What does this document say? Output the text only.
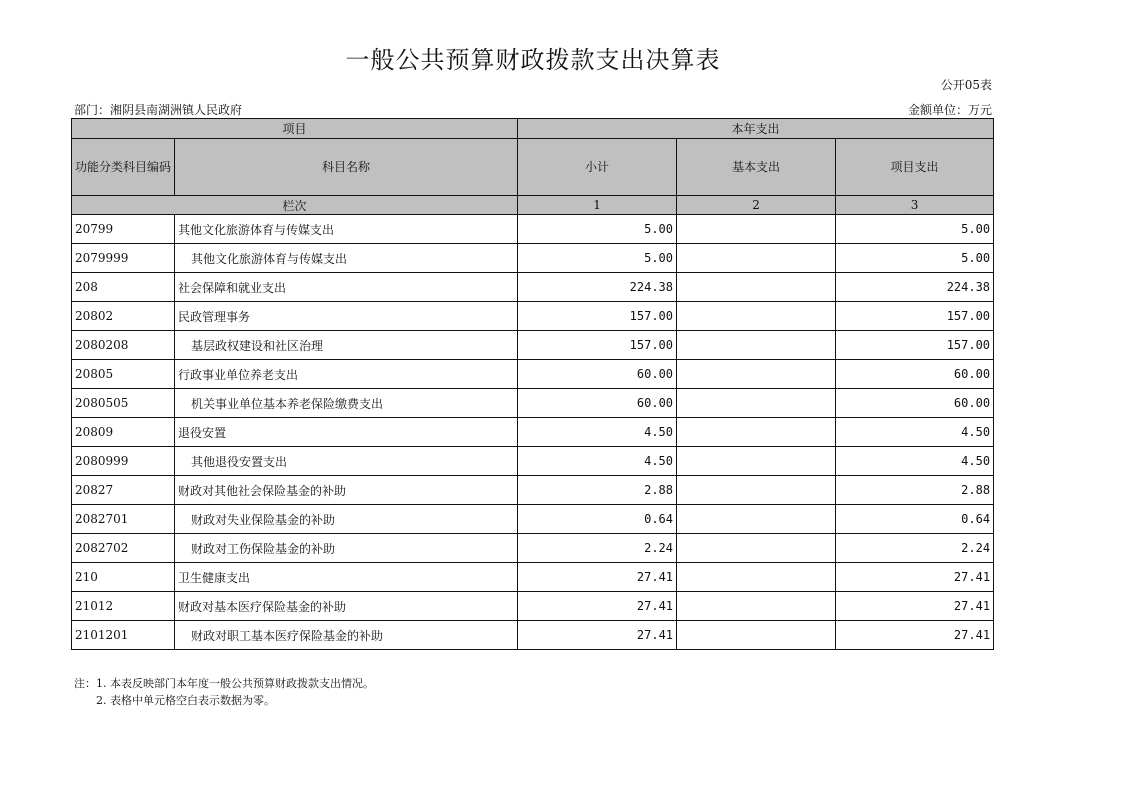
一般公共预算财政拨款支出决算表
公开05表
部门：湘阴县南湖洲镇人民政府	金额单位：万元
项目		本年支出		
功能分类科目编码	科目名称	小计	基本支出	项目支出
栏次		1	2	3
20799	其他文化旅游体育与传媒支出	5.00		5.00
2079999	其他文化旅游体育与传媒支出	5.00		5.00
208	社会保障和就业支出	224.38		224.38
20802	民政管理事务	157.00		157.00
2080208	基层政权建设和社区治理	157.00		157.00
20805	行政事业单位养老支出	60.00		60.00
2080505	机关事业单位基本养老保险缴费支出	60.00		60.00
20809	退役安置	4.50		4.50
2080999	其他退役安置支出	4.50		4.50
20827	财政对其他社会保险基金的补助	2.88		2.88
2082701	财政对失业保险基金的补助	0.64		0.64
2082702	财政对工伤保险基金的补助	2.24		2.24
210	卫生健康支出	27.41		27.41
21012	财政对基本医疗保险基金的补助	27.41		27.41
2101201	财政对职工基本医疗保险基金的补助	27.41		27.41
注：1. 本表反映部门本年度一般公共预算财政拨款支出情况。
2. 表格中单元格空白表示数据为零。
